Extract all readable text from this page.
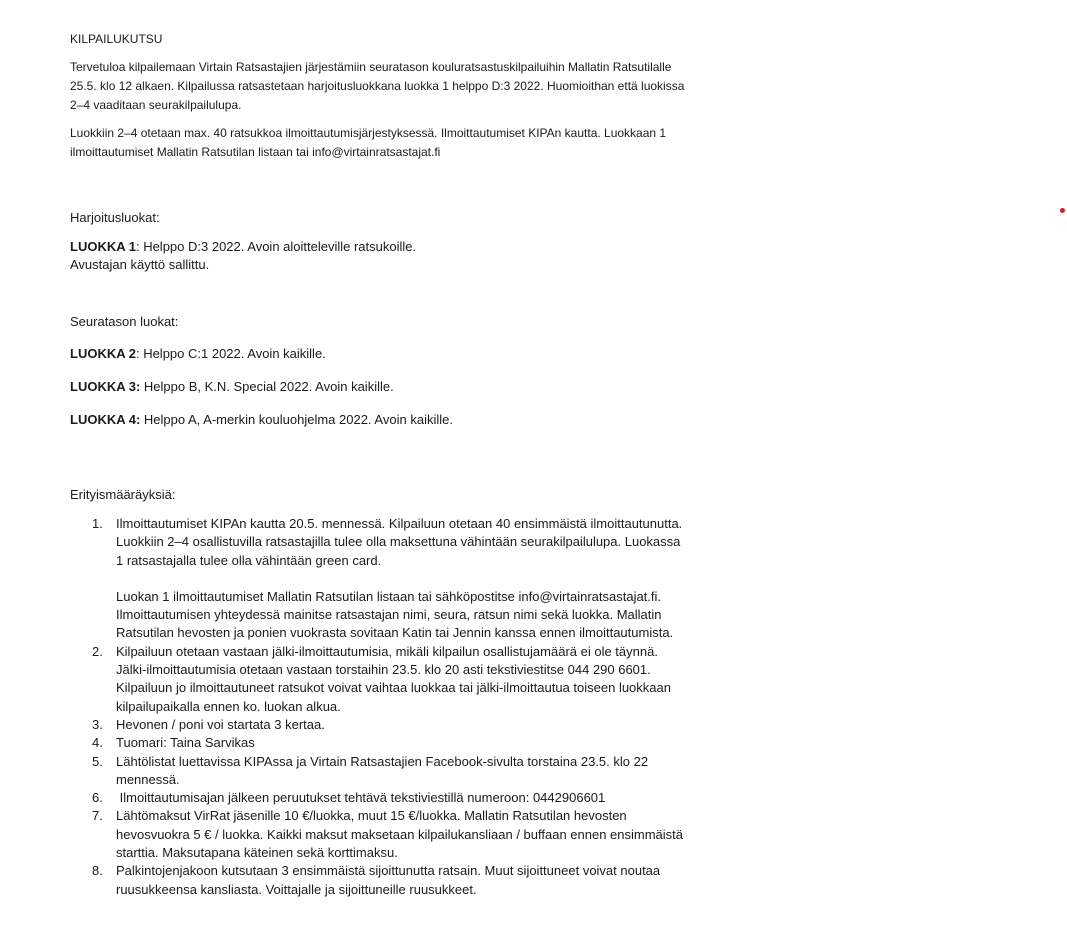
KILPAILUKUTSU

Tervetuloa kilpailemaan Virtain Ratsastajien järjestämiin seuratason kouluratsastuskilpailuihin Mallatin Ratsutilalle 25.5. klo 12 alkaen. Kilpailussa ratsastetaan harjoitusluokkana luokka 1 helppo D:3 2022. Huomioithan että luokissa 2–4 vaaditaan seurakilpailulupa.

Luokkiin 2–4 otetaan max. 40 ratsukkoa ilmoittautumisjärjestyksessä. Ilmoittautumiset KIPAn kautta. Luokkaan 1 ilmoittautumiset Mallatin Ratsutilan listaan tai info@virtainratsastajat.fi

Harjoitusluokat:

LUOKKA 1: Helppo D:3 2022. Avoin aloitteleville ratsukoille.

Avustajan käyttö sallittu.

Seuratason luokat:

LUOKKA 2: Helppo C:1 2022. Avoin kaikille.

LUOKKA 3: Helppo B, K.N. Special 2022. Avoin kaikille.

LUOKKA 4: Helppo A, A-merkin kouluohjelma 2022. Avoin kaikille.

Erityismääräyksiä:

1. Ilmoittautumiset KIPAn kautta 20.5. mennessä. Kilpailuun otetaan 40 ensimmäistä ilmoittautunutta. Luokkiin 2–4 osallistuvilla ratsastajilla tulee olla maksettuna vähintään seurakilpailulupa. Luokassa 1 ratsastajalla tulee olla vähintään green card.
Luokan 1 ilmoittautumiset Mallatin Ratsutilan listaan tai sähköpostitse info@virtainratsastajat.fi. Ilmoittautumisen yhteydessä mainitse ratsastajan nimi, seura, ratsun nimi sekä luokka. Mallatin Ratsutilan hevosten ja ponien vuokrasta sovitaan Katin tai Jennin kanssa ennen ilmoittautumista.
2. Kilpailuun otetaan vastaan jälki-ilmoittautumisia, mikäli kilpailun osallistujamäärä ei ole täynnä. Jälki-ilmoittautumisia otetaan vastaan torstaihin 23.5. klo 20 asti tekstiviestitse 044 290 6601. Kilpailuun jo ilmoittautuneet ratsukot voivat vaihtaa luokkaa tai jälki-ilmoittautua toiseen luokkaan kilpailupaikalla ennen ko. luokan alkua.
3. Hevonen / poni voi startata 3 kertaa.
4. Tuomari: Taina Sarvikas
5. Lähtölistat luettavissa KIPAssa ja Virtain Ratsastajien Facebook-sivulta torstaina 23.5. klo 22 mennessä.
6. Ilmoittautumisajan jälkeen peruutukset tehtävä tekstiviestillä numeroon: 0442906601
7. Lähtömaksut VirRat jäsenille 10 €/luokka, muut 15 €/luokka. Mallatin Ratsutilan hevosten hevosvuokra 5 € / luokka. Kaikki maksut maksetaan kilpailukansliaan / buffaan ennen ensimmäistä starttia. Maksutapana käteinen sekä korttimaksu.
8. Palkintojenjakoon kutsutaan 3 ensimmäistä sijoittunutta ratsain. Muut sijoittuneet voivat noutaa ruusukkeensa kansliasta. Voittajalle ja sijoittuneille ruusukkeet.
